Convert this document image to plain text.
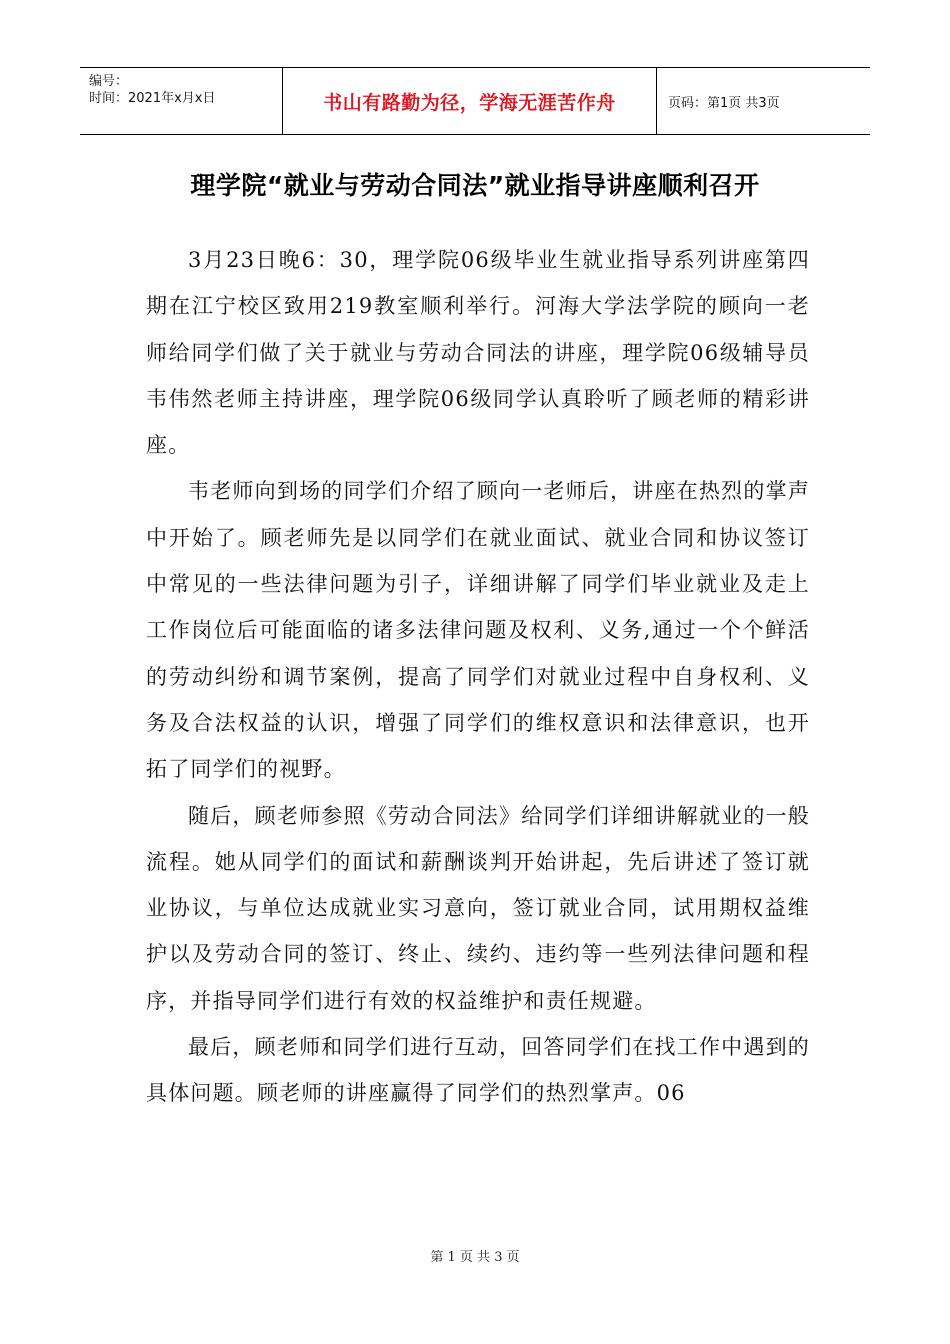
编号：
时间：2021年x月x日	书山有路勤为径，学海无涯苦作舟	页码：第1页 共3页
理学院“就业与劳动合同法”就业指导讲座顺利召开

3月23日晚6：30，理学院06级毕业生就业指导系列讲座第四期在江宁校区致用219教室顺利举行。河海大学法学院的顾向一老师给同学们做了关于就业与劳动合同法的讲座，理学院06级辅导员韦伟然老师主持讲座，理学院06级同学认真聆听了顾老师的精彩讲座。

韦老师向到场的同学们介绍了顾向一老师后，讲座在热烈的掌声中开始了。顾老师先是以同学们在就业面试、就业合同和协议签订中常见的一些法律问题为引子，详细讲解了同学们毕业就业及走上工作岗位后可能面临的诸多法律问题及权利、义务,通过一个个鲜活的劳动纠纷和调节案例，提高了同学们对就业过程中自身权利、义务及合法权益的认识，增强了同学们的维权意识和法律意识，也开拓了同学们的视野。

随后，顾老师参照《劳动合同法》给同学们详细讲解就业的一般流程。她从同学们的面试和薪酬谈判开始讲起，先后讲述了签订就业协议，与单位达成就业实习意向，签订就业合同，试用期权益维护以及劳动合同的签订、终止、续约、违约等一些列法律问题和程序，并指导同学们进行有效的权益维护和责任规避。

最后，顾老师和同学们进行互动，回答同学们在找工作中遇到的具体问题。顾老师的讲座赢得了同学们的热烈掌声。06

第 1 页 共 3 页
